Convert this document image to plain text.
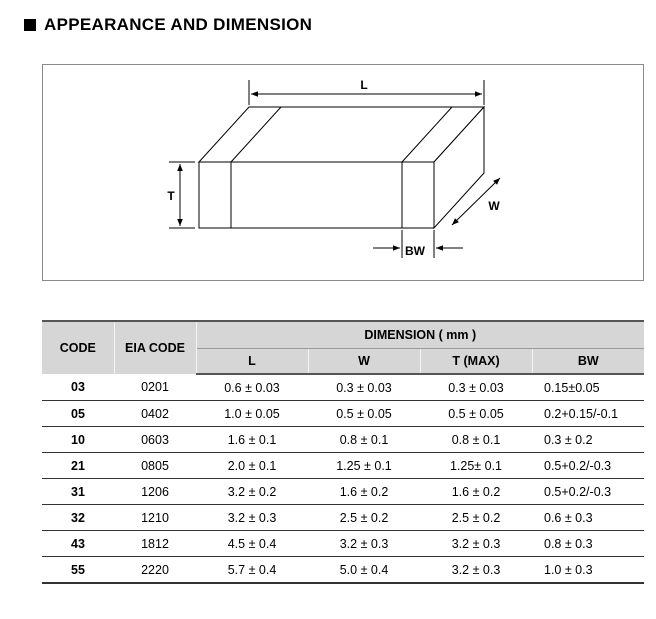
APPEARANCE AND DIMENSION
L
T
W
BW
CODE	EIA CODE	DIMENSION ( mm )			
		L	W	T (MAX)	BW
03	0201	0.6 ± 0.03	0.3 ± 0.03	0.3 ± 0.03	0.15±0.05
05	0402	1.0 ± 0.05	0.5 ± 0.05	0.5 ± 0.05	0.2+0.15/-0.1
10	0603	1.6 ± 0.1	0.8 ± 0.1	0.8 ± 0.1	0.3 ± 0.2
21	0805	2.0 ± 0.1	1.25 ± 0.1	1.25± 0.1	0.5+0.2/-0.3
31	1206	3.2 ± 0.2	1.6 ± 0.2	1.6 ± 0.2	0.5+0.2/-0.3
32	1210	3.2 ± 0.3	2.5 ± 0.2	2.5 ± 0.2	0.6 ± 0.3
43	1812	4.5 ± 0.4	3.2 ± 0.3	3.2 ± 0.3	0.8 ± 0.3
55	2220	5.7 ± 0.4	5.0 ± 0.4	3.2 ± 0.3	1.0 ± 0.3
